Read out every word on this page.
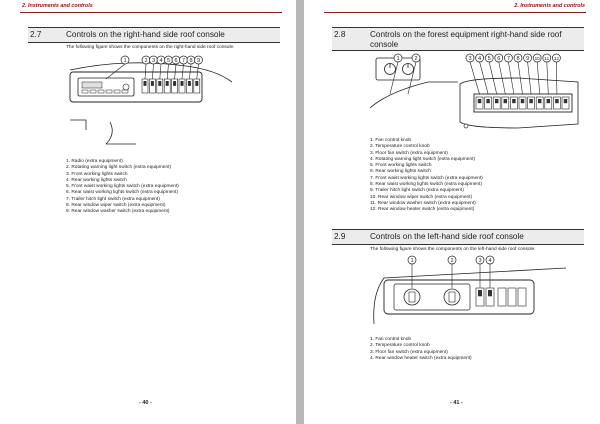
2. Instruments and controls
2.7	Controls on the right-hand side roof console
The following figure shows the components on the right-hand side roof console.
1	2 3 4 5 6 7 8 9
1. Radio (extra equipment)
2. Rotating warning light switch (extra equipment)
3. Front working lights switch
4. Rear working lights switch
5. Front waist working lights switch (extra equipment)
6. Rear waist working lights switch (extra equipment)
7. Trailer hitch light switch (extra equipment)
8. Rear window wiper switch (extra equipment)
9. Rear window washer switch (extra equipment)
- 40 -
2. Instruments and controls
2.8	Controls on the forest equipment right-hand side roof
console
1	2	3 4 5 6 7 8 9 10 11 12
1. Fan control knob
2. Temperature control knob
3. Floor fan switch (extra equipment)
4. Rotating warning light switch (extra equipment)
5. Front working lights switch
6. Rear working lights switch
7. Front waist working lights switch (extra equipment)
8. Rear waist working lights switch (extra equipment)
9. Trailer hitch light switch (extra equipment)
10. Rear window wiper switch (extra equipment)
11. Rear window washer switch (extra equipment)
12. Rear window heater switch (extra equipment)
2.9	Controls on the left-hand side roof console
The following figure shows the components on the left-hand side roof console.
1	2	3 4
1. Fan control knob
2. Temperature control knob
3. Floor fan switch (extra equipment)
4. Rear window heater switch (extra equipment)
- 41 -
